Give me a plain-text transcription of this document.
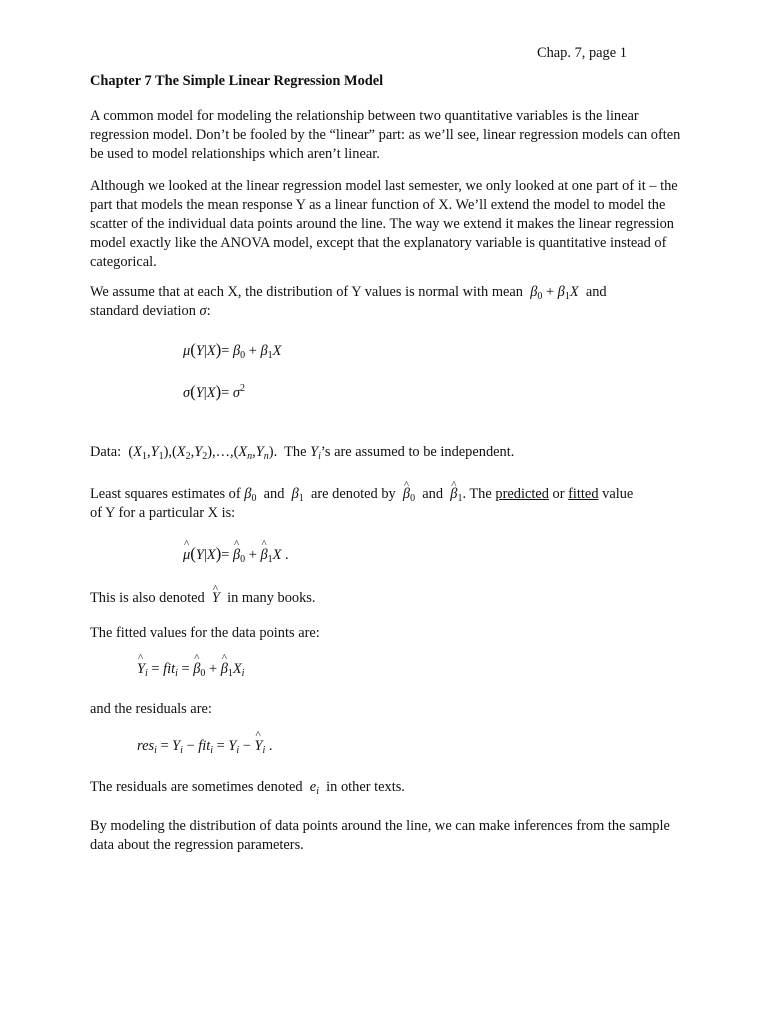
Chap. 7, page 1
Chapter 7 The Simple Linear Regression Model
A common model for modeling the relationship between two quantitative variables is the linear regression model. Don’t be fooled by the “linear” part: as we’ll see, linear regression models can often be used to model relationships which aren’t linear.
Although we looked at the linear regression model last semester, we only looked at one part of it – the part that models the mean response Y as a linear function of X. We’ll extend the model to model the scatter of the individual data points around the line. The way we extend it makes the linear regression model exactly like the ANOVA model, except that the explanatory variable is quantitative instead of categorical.
We assume that at each X, the distribution of Y values is normal with mean $\beta_0 + \beta_1X$ and
standard deviation σ:
$\mu(Y|X)= \beta_0 + \beta_1X$
$\sigma(Y|X)= \sigma^2$
Data: $(X_1,Y_1),(X_2,Y_2),\dots,(X_n,Y_n)$.  The $Y_i’s$ are assumed to be independent.
Least squares estimates of $\beta_0$ and $\beta_1$ are denoted by ^ $\beta_0$ and ^ $\beta_1$. The predicted or fitted value
of Y for a particular X is:
^ μ(Y|X)= ^ $\beta_0$ + ^ $\beta_1X$ .
This is also denoted ^ Y in many books.
The fitted values for the data points are:
^ $Y_i = fit_i$ = ^ $\beta_0$ + ^ $\beta_1X_i$
and the residuals are:
$res_i = Y_i - fit_i = Y_i$ − ^ $Y_i$ .
The residuals are sometimes denoted $e_i$ in other texts.
By modeling the distribution of data points around the line, we can make inferences from the sample data about the regression parameters.
